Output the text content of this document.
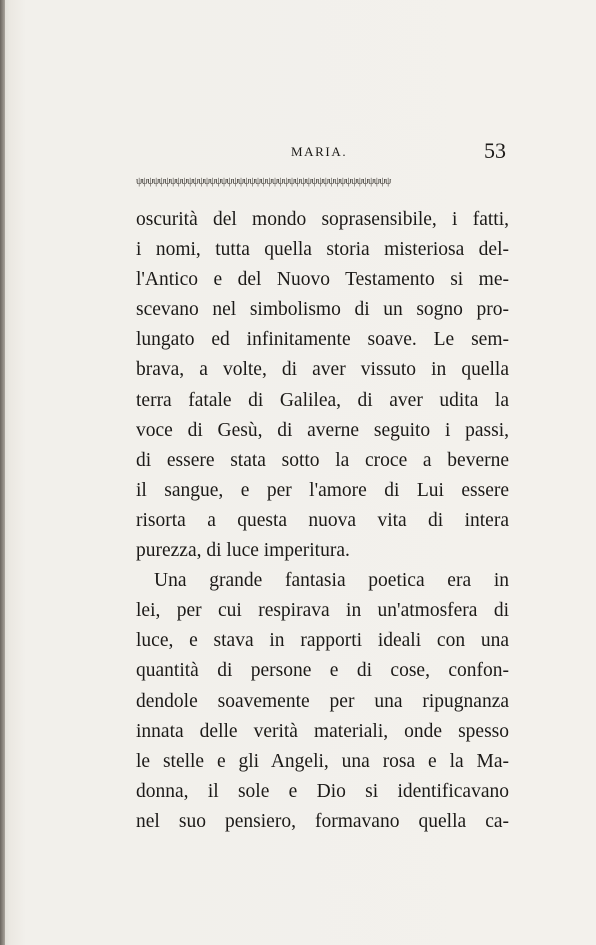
MARIA.	53
ψψψψψψψψψψψψψψψψψψψψψψψψψψψψψψψψψψψψψψψψψψψψψ
oscurità del mondo soprasensibile, i fatti,
i nomi, tutta quella storia misteriosa del-
l'Antico e del Nuovo Testamento si me-
scevano nel simbolismo di un sogno pro-
lungato ed infinitamente soave. Le sem-
brava, a volte, di aver vissuto in quella
terra fatale di Galilea, di aver udita la
voce di Gesù, di averne seguito i passi,
di essere stata sotto la croce a beverne
il sangue, e per l'amore di Lui essere
risorta a questa nuova vita di intera
purezza, di luce imperitura.
Una grande fantasia poetica era in
lei, per cui respirava in un'atmosfera di
luce, e stava in rapporti ideali con una
quantità di persone e di cose, confon-
dendole soavemente per una ripugnanza
innata delle verità materiali, onde spesso
le stelle e gli Angeli, una rosa e la Ma-
donna, il sole e Dio si identificavano
nel suo pensiero, formavano quella ca-
